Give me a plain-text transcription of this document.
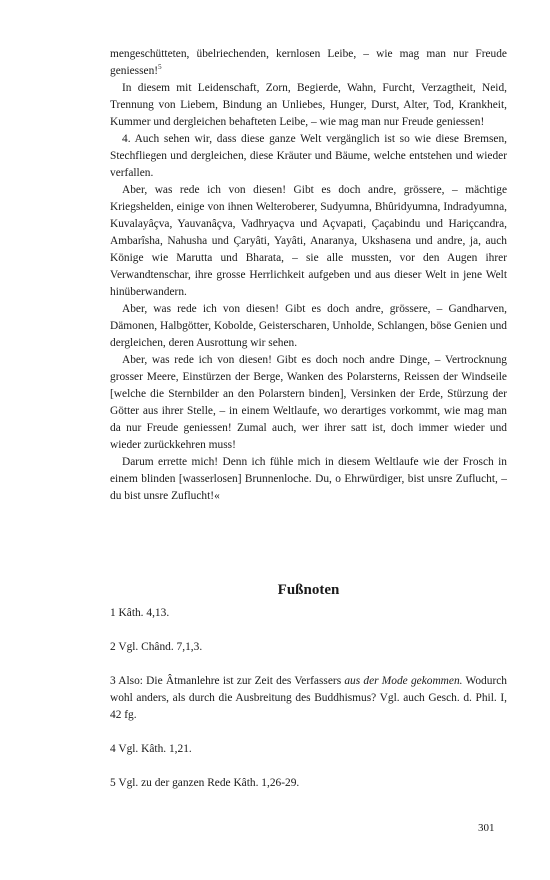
mengeschütteten, übelriechenden, kernlosen Leibe, – wie mag man nur Freude geniessen!$^5$

In diesem mit Leidenschaft, Zorn, Begierde, Wahn, Furcht, Verzagtheit, Neid, Trennung von Liebem, Bindung an Unliebes, Hunger, Durst, Alter, Tod, Krankheit, Kummer und dergleichen behafteten Leibe, – wie mag man nur Freude geniessen!

4. Auch sehen wir, dass diese ganze Welt vergänglich ist so wie diese Bremsen, Stechfliegen und dergleichen, diese Kräuter und Bäume, welche entstehen und wieder verfallen.

Aber, was rede ich von diesen! Gibt es doch andre, grössere, – mächtige Kriegshelden, einige von ihnen Welteroberer, Sudyumna, Bhûridyumna, Indradyumna, Kuvalayâçva, Yauvanâçva, Vadhryaçva und Açvapati, Çaçabindu und Hariçcandra, Ambarîsha, Nahusha und Çaryâti, Yayâti, Anaranya, Ukshasena und andre, ja, auch Könige wie Marutta und Bharata, – sie alle mussten, vor den Augen ihrer Verwandtenschar, ihre grosse Herrlichkeit aufgeben und aus dieser Welt in jene Welt hinüberwandern.

Aber, was rede ich von diesen! Gibt es doch andre, grössere, – Gandharven, Dämonen, Halbgötter, Kobolde, Geisterscharen, Unholde, Schlangen, böse Genien und dergleichen, deren Ausrottung wir sehen.

Aber, was rede ich von diesen! Gibt es doch noch andre Dinge, – Vertrocknung grosser Meere, Einstürzen der Berge, Wanken des Polarsterns, Reissen der Windseile [welche die Sternbilder an den Polarstern binden], Versinken der Erde, Stürzung der Götter aus ihrer Stelle, – in einem Weltlaufe, wo derartiges vorkommt, wie mag man da nur Freude geniessen! Zumal auch, wer ihrer satt ist, doch immer wieder und wieder zurückkehren muss!

Darum errette mich! Denn ich fühle mich in diesem Weltlaufe wie der Frosch in einem blinden [wasserlosen] Brunnenloche. Du, o Ehrwürdiger, bist unsre Zuflucht, – du bist unsre Zuflucht!«

Fußnoten

1 Kâth. 4,13.

2 Vgl. Chând. 7,1,3.

3 Also: Die Âtmanlehre ist zur Zeit des Verfassers aus der Mode gekommen. Wodurch wohl anders, als durch die Ausbreitung des Buddhismus? Vgl. auch Gesch. d. Phil. I, 42 fg.

4 Vgl. Kâth. 1,21.

5 Vgl. zu der ganzen Rede Kâth. 1,26-29.

301
